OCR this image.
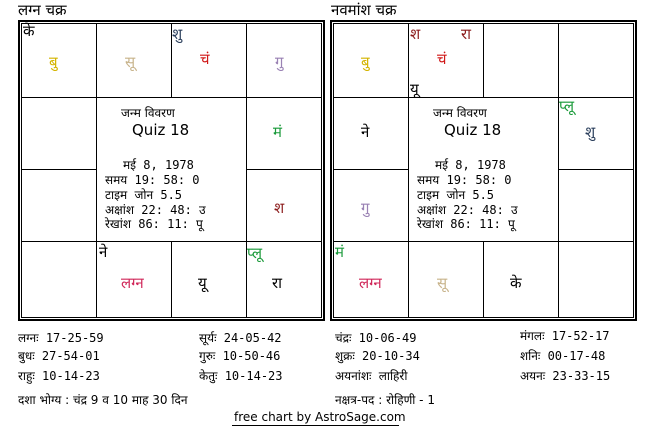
लग्न चक्र
के
बु	सू
शु
चं	गु
मं
श
ने
लग्न	यू
प्लू
रा
जन्म विवरण
Quiz 18
मई 8, 1978
समय 19: 58: 0
टाइम जोन 5.5
अक्षांश 22: 48: उ
रेखांश 86: 11: पू
नवमांश चक्र
बु
श	रा
चं
यू
प्लू
शु
ने
गु
मं
लग्न	सू	के
जन्म विवरण
Quiz 18
मई 8, 1978
समय 19: 58: 0
टाइम जोन 5.5
अक्षांश 22: 48: उ
रेखांश 86: 11: पू
लग्नः 17-25-59	सूर्यः 24-05-42	चंद्रः 10-06-49	मंगलः 17-52-17
बुधः 27-54-01	गुरुः 10-50-46	शुक्रः 20-10-34	शनिः 00-17-48
राहुः 10-14-23	केतुः 10-14-23	अयनांशः लाहिरी	अयनः 23-33-15
दशा भोग्य : चंद्र 9 व 10 माह 30 दिन	नक्षत्र-पद : रोहिणी - 1
free chart by AstroSage.com
